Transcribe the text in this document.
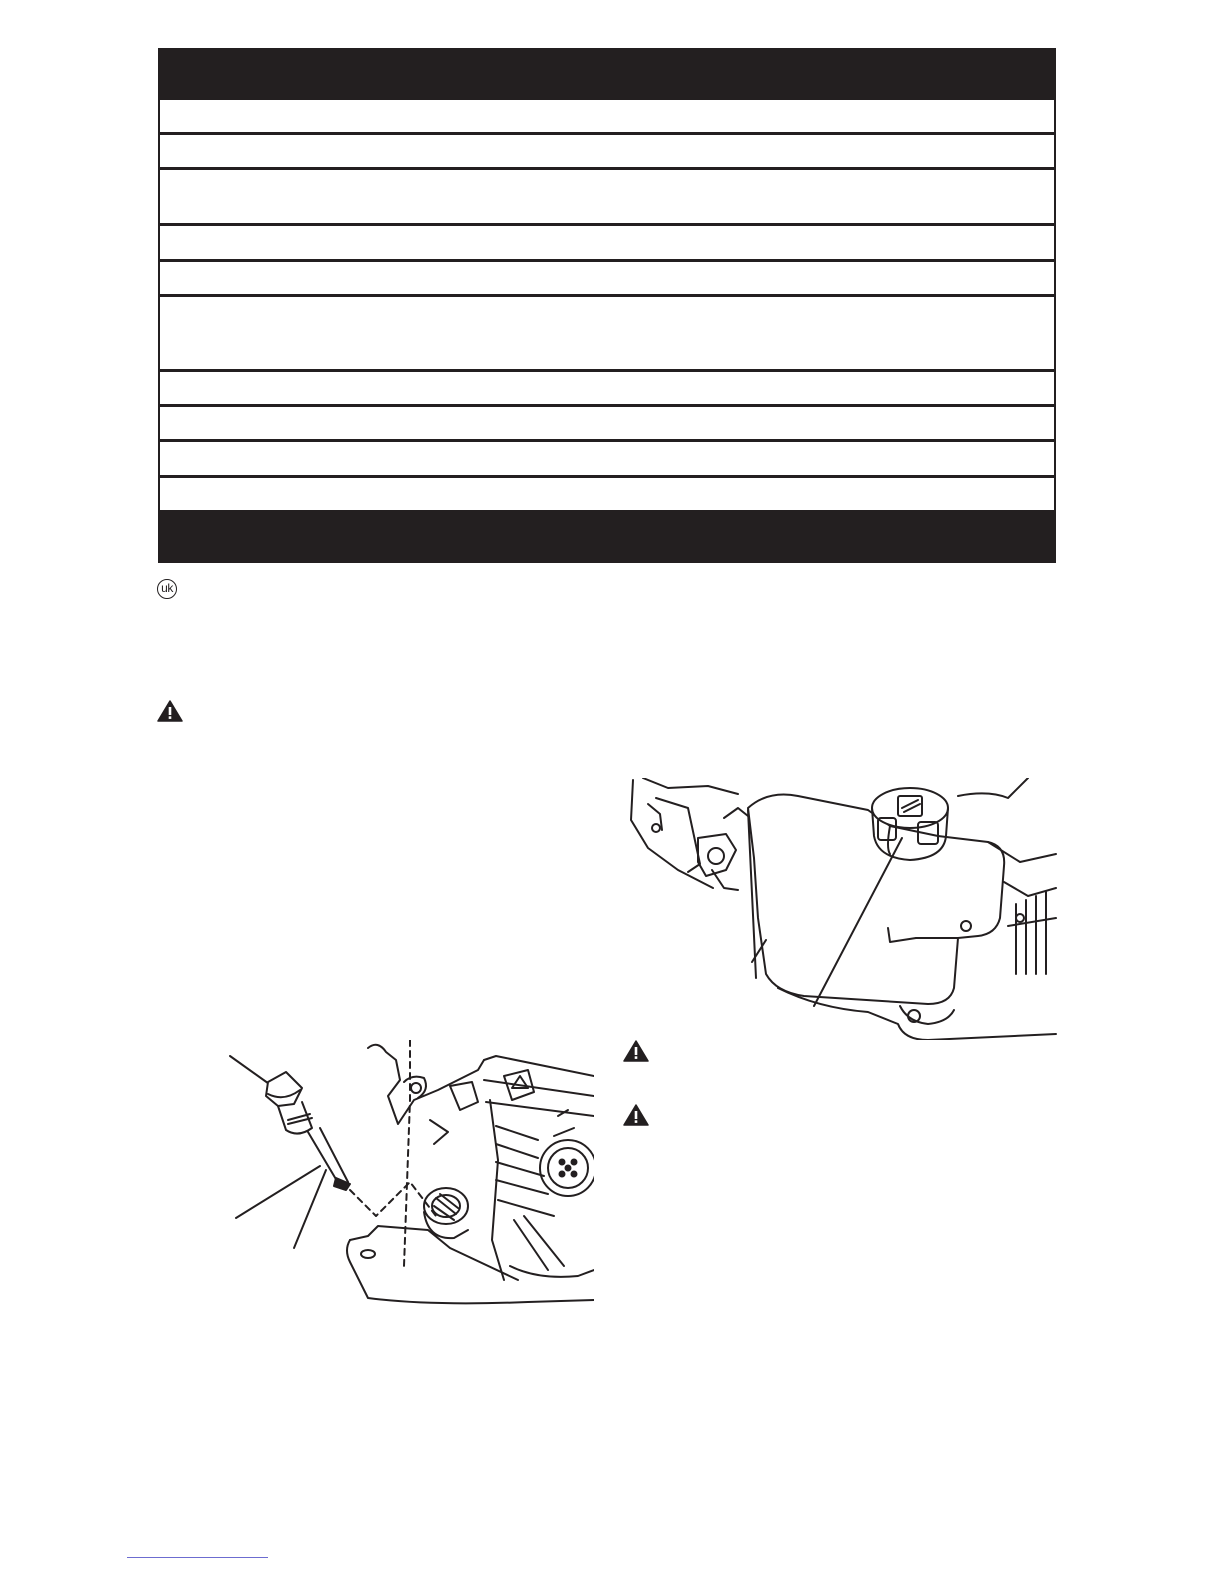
uk
